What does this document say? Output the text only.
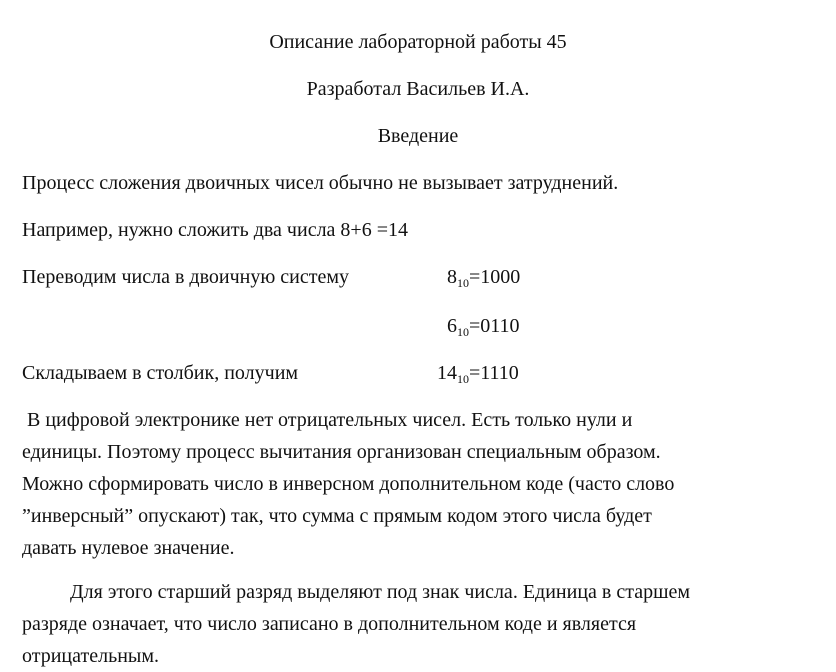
Описание лабораторной работы 45
Разработал Васильев И.А.
Введение
Процесс сложения двоичных чисел обычно не вызывает затруднений.
Например, нужно сложить два числа 8+6 =14
Переводим числа в двоичную систему	$8_{10}=1000$
$6_{10}=0110$
Складываем в столбик, получим	$14_{10}=1110$
В цифровой электронике нет отрицательных чисел. Есть только нули и
единицы. Поэтому процесс вычитания организован специальным образом.
Можно сформировать число в инверсном дополнительном коде (часто слово
”инверсный” опускают) так, что сумма с прямым кодом этого числа будет
давать нулевое значение.
Для этого старший разряд выделяют под знак числа. Единица в старшем
разряде означает, что число записано в дополнительном коде и является
отрицательным.
